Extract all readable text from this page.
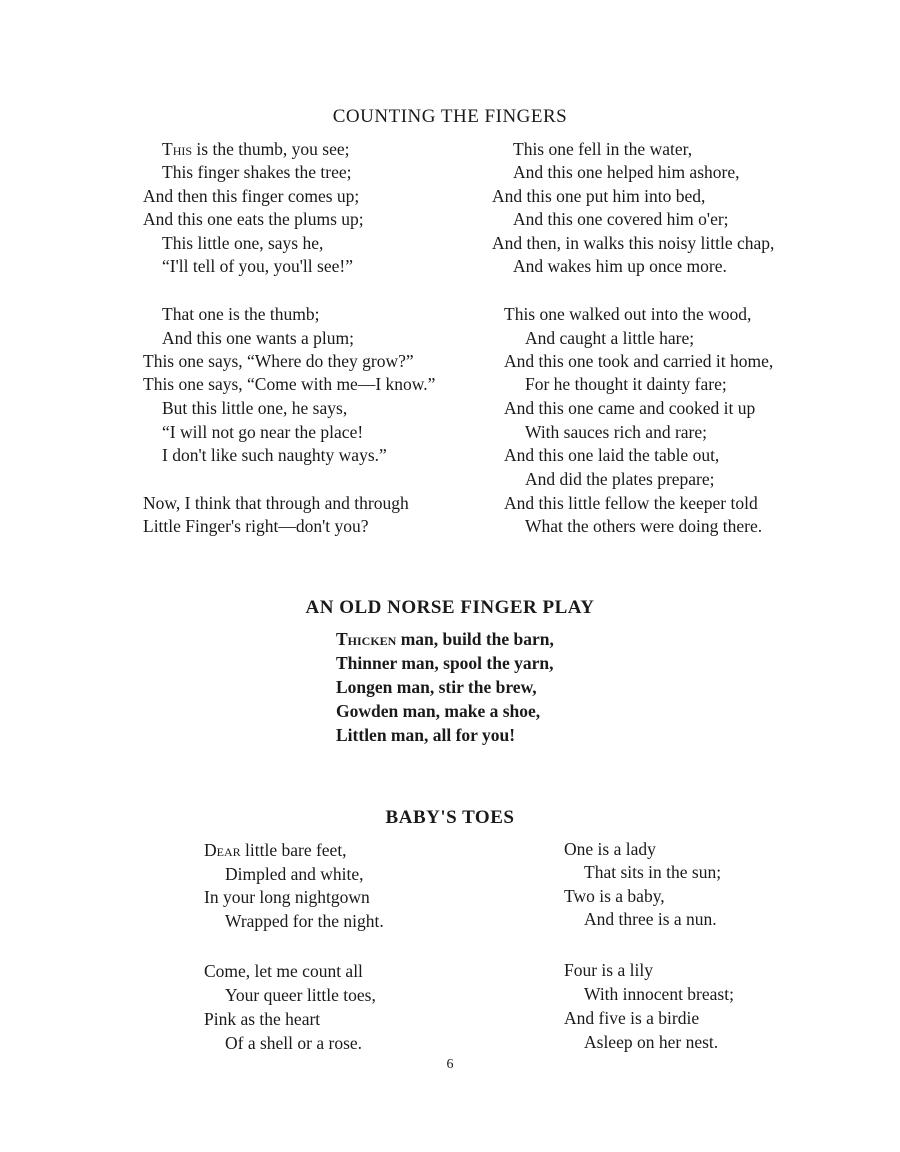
COUNTING THE FINGERS
This is the thumb, you see;
This finger shakes the tree;
And then this finger comes up;
And this one eats the plums up;
This little one, says he,
“I'll tell of you, you'll see!”
That one is the thumb;
And this one wants a plum;
This one says, “Where do they grow?”
This one says, “Come with me—I know.”
But this little one, he says,
“I will not go near the place!
I don't like such naughty ways.”
Now, I think that through and through
Little Finger's right—don't you?
This one fell in the water,
And this one helped him ashore,
And this one put him into bed,
And this one covered him o'er;
And then, in walks this noisy little chap,
And wakes him up once more.
This one walked out into the wood,
And caught a little hare;
And this one took and carried it home,
For he thought it dainty fare;
And this one came and cooked it up
With sauces rich and rare;
And this one laid the table out,
And did the plates prepare;
And this little fellow the keeper told
What the others were doing there.
AN OLD NORSE FINGER PLAY
Thicken man, build the barn,
Thinner man, spool the yarn,
Longen man, stir the brew,
Gowden man, make a shoe,
Littlen man, all for you!
BABY'S TOES
Dear little bare feet,
Dimpled and white,
In your long nightgown
Wrapped for the night.
Come, let me count all
Your queer little toes,
Pink as the heart
Of a shell or a rose.
One is a lady
That sits in the sun;
Two is a baby,
And three is a nun.
Four is a lily
With innocent breast;
And five is a birdie
Asleep on her nest.
6
